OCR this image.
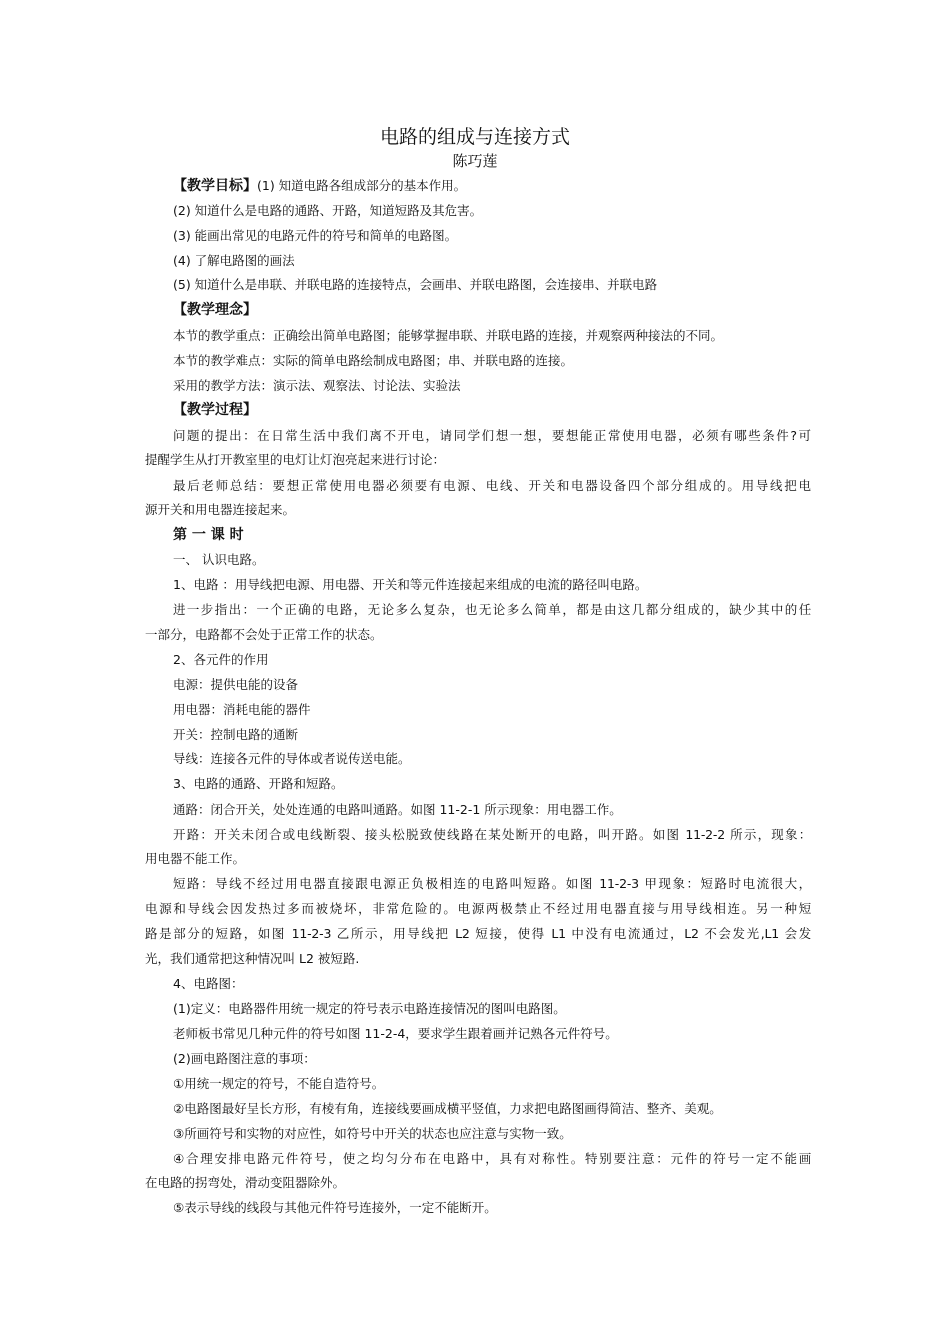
电路的组成与连接方式
陈巧莲
【教学目标】(1) 知道电路各组成部分的基本作用。
(2) 知道什么是电路的通路、开路，知道短路及其危害。
(3) 能画出常见的电路元件的符号和简单的电路图。
(4) 了解电路图的画法
(5) 知道什么是串联、并联电路的连接特点，会画串、并联电路图，会连接串、并联电路
【教学理念】
本节的教学重点：正确绘出简单电路图；能够掌握串联、并联电路的连接，并观察两种接法的不同。
本节的教学难点：实际的简单电路绘制成电路图；串、并联电路的连接。
采用的教学方法：演示法、观察法、讨论法、实验法
【教学过程】
问题的提出：在日常生活中我们离不开电，请同学们想一想，要想能正常使用电器，必须有哪些条件?可
提醒学生从打开教室里的电灯让灯泡亮起来进行讨论：
最后老师总结：要想正常使用电器必须要有电源、电线、开关和电器设备四个部分组成的。用导线把电
源开关和用电器连接起来。
第 一 课 时
一、 认识电路。
1、电路 ：用导线把电源、用电器、开关和等元件连接起来组成的电流的路径叫电路。
进一步指出：一个正确的电路，无论多么复杂，也无论多么简单，都是由这几都分组成的，缺少其中的任
一部分，电路都不会处于正常工作的状态。
2、各元件的作用
电源：提供电能的设备
用电器：消耗电能的器件
开关：控制电路的通断
导线：连接各元件的导体或者说传送电能。
3、电路的通路、开路和短路。
通路：闭合开关，处处连通的电路叫通路。如图 11-2-1 所示现象：用电器工作。
开路：开关未闭合或电线断裂、接头松脱致使线路在某处断开的电路，叫开路。如图 11-2-2 所示，现象：
用电器不能工作。
短路：导线不经过用电器直接跟电源正负极相连的电路叫短路。如图 11-2-3 甲现象：短路时电流很大，
电源和导线会因发热过多而被烧坏，非常危险的。电源两极禁止不经过用电器直接与用导线相连。另一种短
路是部分的短路，如图 11-2-3 乙所示，用导线把 L2 短接，使得 L1 中没有电流通过，L2 不会发光,L1 会发
光，我们通常把这种情况叫 L2 被短路.
4、电路图：
(1)定义：电路器件用统一规定的符号表示电路连接情况的图叫电路图。
老师板书常见几种元件的符号如图 11-2-4，要求学生跟着画并记熟各元件符号。
(2)画电路图注意的事项：
①用统一规定的符号，不能自造符号。
②电路图最好呈长方形，有棱有角，连接线要画成横平竖值，力求把电路图画得简洁、整齐、美观。
③所画符号和实物的对应性，如符号中开关的状态也应注意与实物一致。
④合理安排电路元件符号，使之均匀分布在电路中，具有对称性。特别要注意：元件的符号一定不能画
在电路的拐弯处，滑动变阻器除外。
⑤表示导线的线段与其他元件符号连接外，一定不能断开。
